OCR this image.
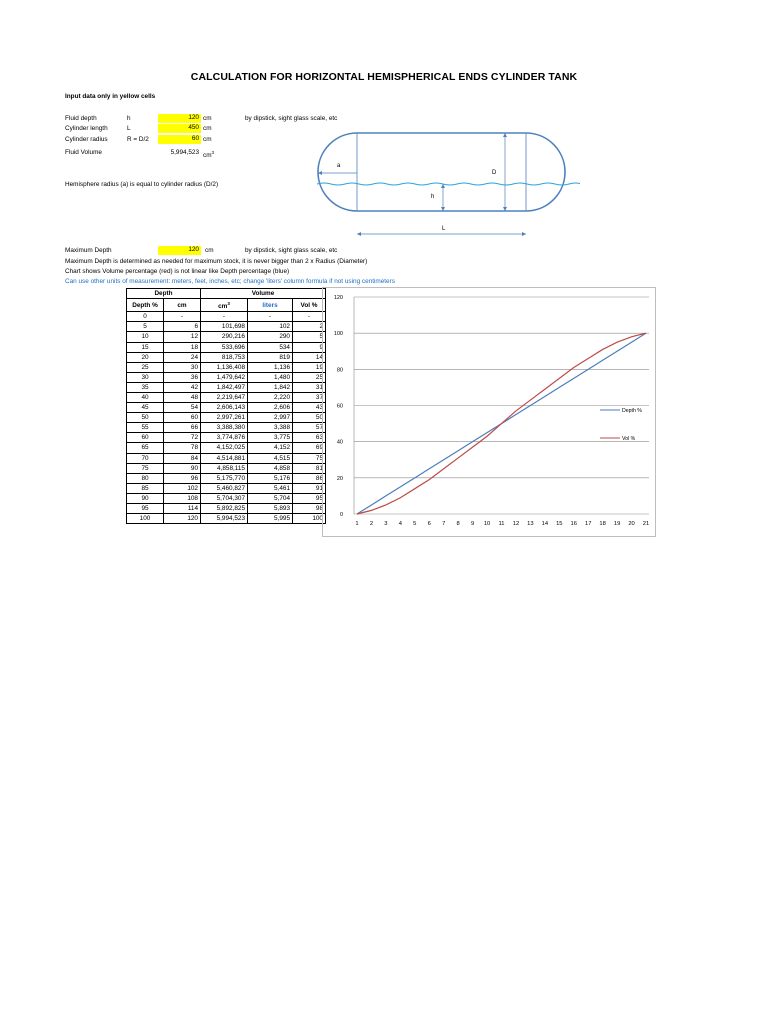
CALCULATION FOR HORIZONTAL HEMISPHERICAL ENDS CYLINDER TANK
Input data only in yellow cells
Fluid depth	h	120 cm	by dipstick, sight glass scale, etc
Cylinder length	L	450 cm
Cylinder radius	R = D/2	60 cm
Fluid Volume	5,994,523 $cm^3$
Hemisphere radius (a) is equal to cylinder radius (D/2)
a
D
h
L
Maximum Depth	120 cm	by dipstick, sight glass scale, etc
Maximum Depth is determined as needed for maximum stock, it is never bigger than 2 x Radius (Diameter)
Chart shows Volume percentage (red) is not linear like Depth percentage (blue)
Can use other units of measurement: meters, feet, inches, etc; change 'liters' column formula if not using centimeters
Depth		Volume		
Depth %	cm	$cm^3$	liters	Vol %
0	-	-	-	-
5	6	101,698	102	2
10	12	290,216	290	5
15	18	533,696	534	9
20	24	818,753	819	14
25	30	1,136,408	1,136	19
30	36	1,479,642	1,480	25
35	42	1,842,497	1,842	31
40	48	2,219,647	2,220	37
45	54	2,606,143	2,606	43
50	60	2,997,261	2,997	50
55	66	3,388,380	3,388	57
60	72	3,774,876	3,775	63
65	78	4,152,025	4,152	69
70	84	4,514,881	4,515	75
75	90	4,858,115	4,858	81
80	96	5,175,770	5,176	86
85	102	5,460,827	5,461	91
90	108	5,704,307	5,704	95
95	114	5,892,825	5,893	98
100	120	5,994,523	5,995	100
0
20
40
60
80
100
120
1 2 3 4 5 6 7 8 9 10 11 12 13 14 15 16 17 18 19 20 21
Depth %
Vol %
